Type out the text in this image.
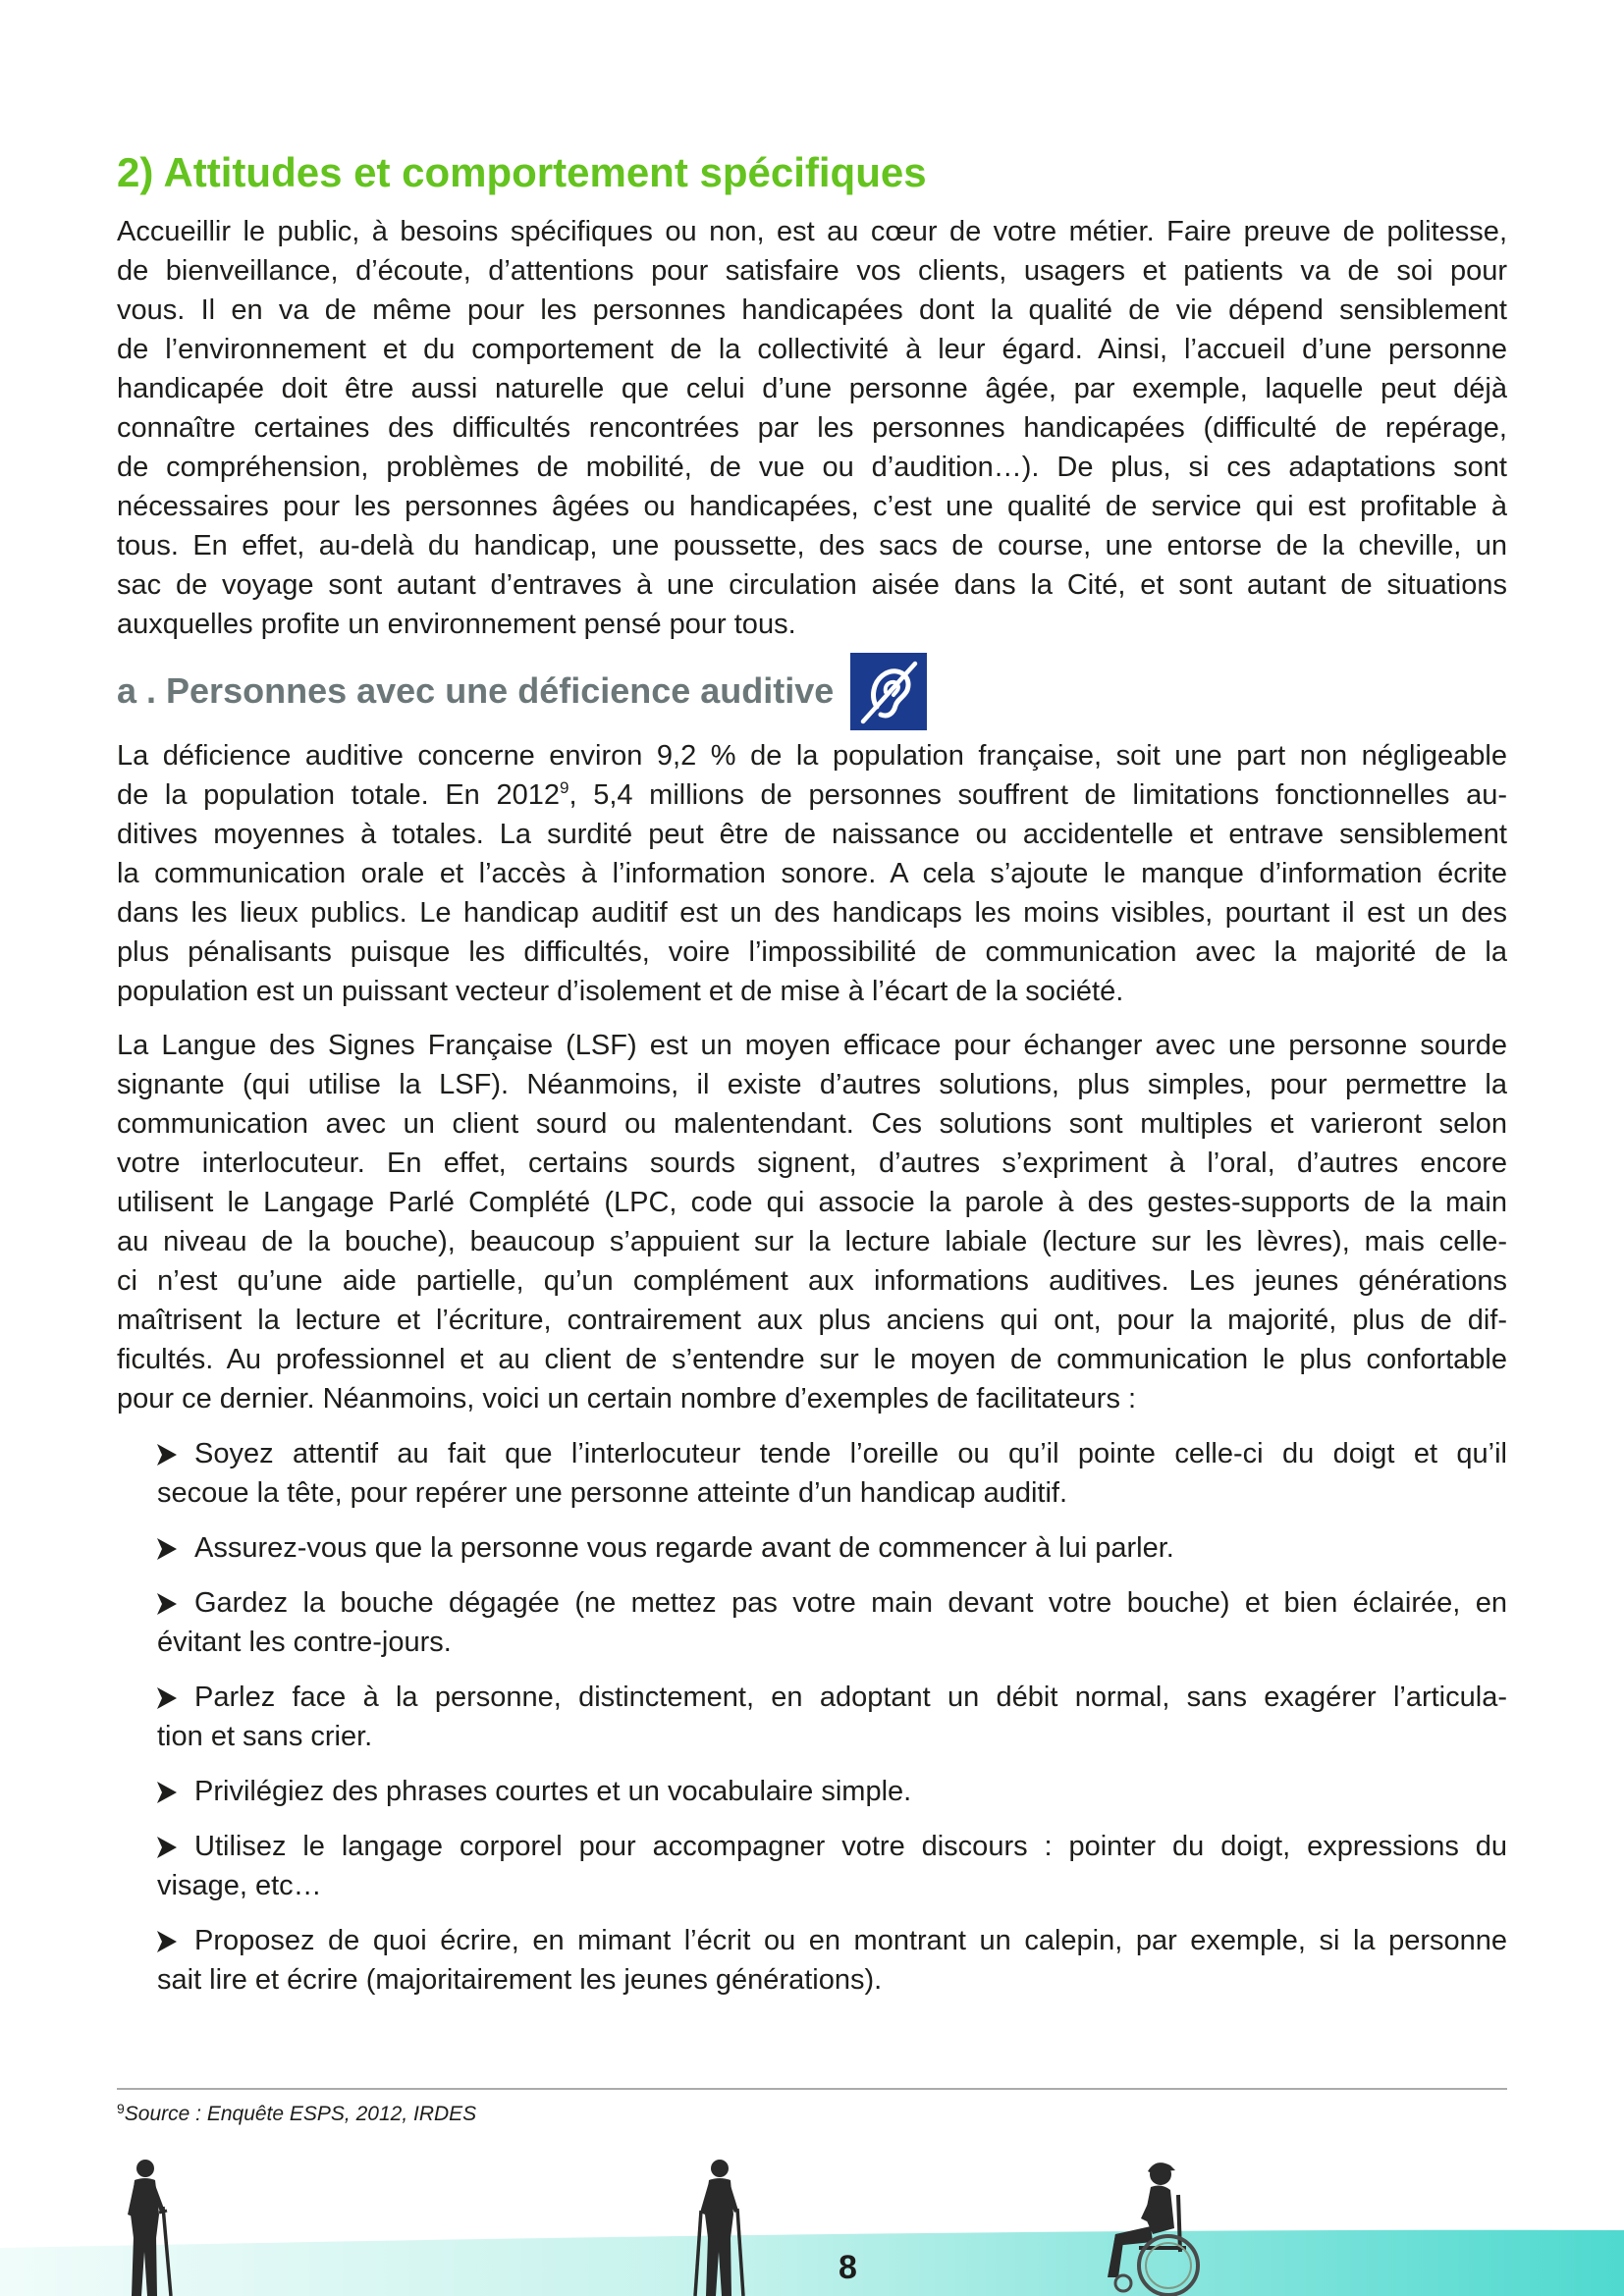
2) Attitudes et comportement spécifiques
Accueillir le public, à besoins spécifiques ou non, est au cœur de votre métier. Faire preuve de politesse,
de bienveillance, d’écoute, d’attentions pour satisfaire vos clients, usagers et patients va de soi pour
vous. Il en va de même pour les personnes handicapées dont la qualité de vie dépend sensiblement
de l’environnement et du comportement de la collectivité à leur égard. Ainsi, l’accueil d’une personne
handicapée doit être aussi naturelle que celui d’une personne âgée, par exemple, laquelle peut déjà
connaître certaines des difficultés rencontrées par les personnes handicapées (difficulté de repérage,
de compréhension, problèmes de mobilité, de vue ou d’audition…). De plus, si ces adaptations sont
nécessaires pour les personnes âgées ou handicapées, c’est une qualité de service qui est profitable à
tous. En effet, au-delà du handicap, une poussette, des sacs de course, une entorse de la cheville, un
sac de voyage sont autant d’entraves à une circulation aisée dans la Cité, et sont autant de situations
auxquelles profite un environnement pensé pour tous.
a . Personnes avec une déficience auditive
La déficience auditive concerne environ 9,2 % de la population française, soit une part non négligeable
de la population totale. En 2012$^9$, 5,4 millions de personnes souffrent de limitations fonctionnelles au-
ditives moyennes à totales. La surdité peut être de naissance ou accidentelle et entrave sensiblement
la communication orale et l’accès à l’information sonore. A cela s’ajoute le manque d’information écrite
dans les lieux publics. Le handicap auditif est un des handicaps les moins visibles, pourtant il est un des
plus pénalisants puisque les difficultés, voire l’impossibilité de communication avec la majorité de la
population est un puissant vecteur d’isolement et de mise à l’écart de la société.
La Langue des Signes Française (LSF) est un moyen efficace pour échanger avec une personne sourde
signante (qui utilise la LSF). Néanmoins, il existe d’autres solutions, plus simples, pour permettre la
communication avec un client sourd ou malentendant. Ces solutions sont multiples et varieront selon
votre interlocuteur. En effet, certains sourds signent, d’autres s’expriment à l’oral, d’autres encore
utilisent le Langage Parlé Complété (LPC, code qui associe la parole à des gestes-supports de la main
au niveau de la bouche), beaucoup s’appuient sur la lecture labiale (lecture sur les lèvres), mais celle-
ci n’est qu’une aide partielle, qu’un complément aux informations auditives. Les jeunes générations
maîtrisent la lecture et l’écriture, contrairement aux plus anciens qui ont, pour la majorité, plus de dif-
ficultés. Au professionnel et au client de s’entendre sur le moyen de communication le plus confortable
pour ce dernier. Néanmoins, voici un certain nombre d’exemples de facilitateurs :
Soyez attentif au fait que l’interlocuteur tende l’oreille ou qu’il pointe celle-ci du doigt et qu’il
secoue la tête, pour repérer une personne atteinte d’un handicap auditif.
Assurez-vous que la personne vous regarde avant de commencer à lui parler.
Gardez la bouche dégagée (ne mettez pas votre main devant votre bouche) et bien éclairée, en
évitant les contre-jours.
Parlez face à la personne, distinctement, en adoptant un débit normal, sans exagérer l’articula-
tion et sans crier.
Privilégiez des phrases courtes et un vocabulaire simple.
Utilisez le langage corporel pour accompagner votre discours : pointer du doigt, expressions du
visage, etc…
Proposez de quoi écrire, en mimant l’écrit ou en montrant un calepin, par exemple, si la personne
sait lire et écrire (majoritairement les jeunes générations).
$^9$Source : Enquête ESPS, 2012, IRDES
8
